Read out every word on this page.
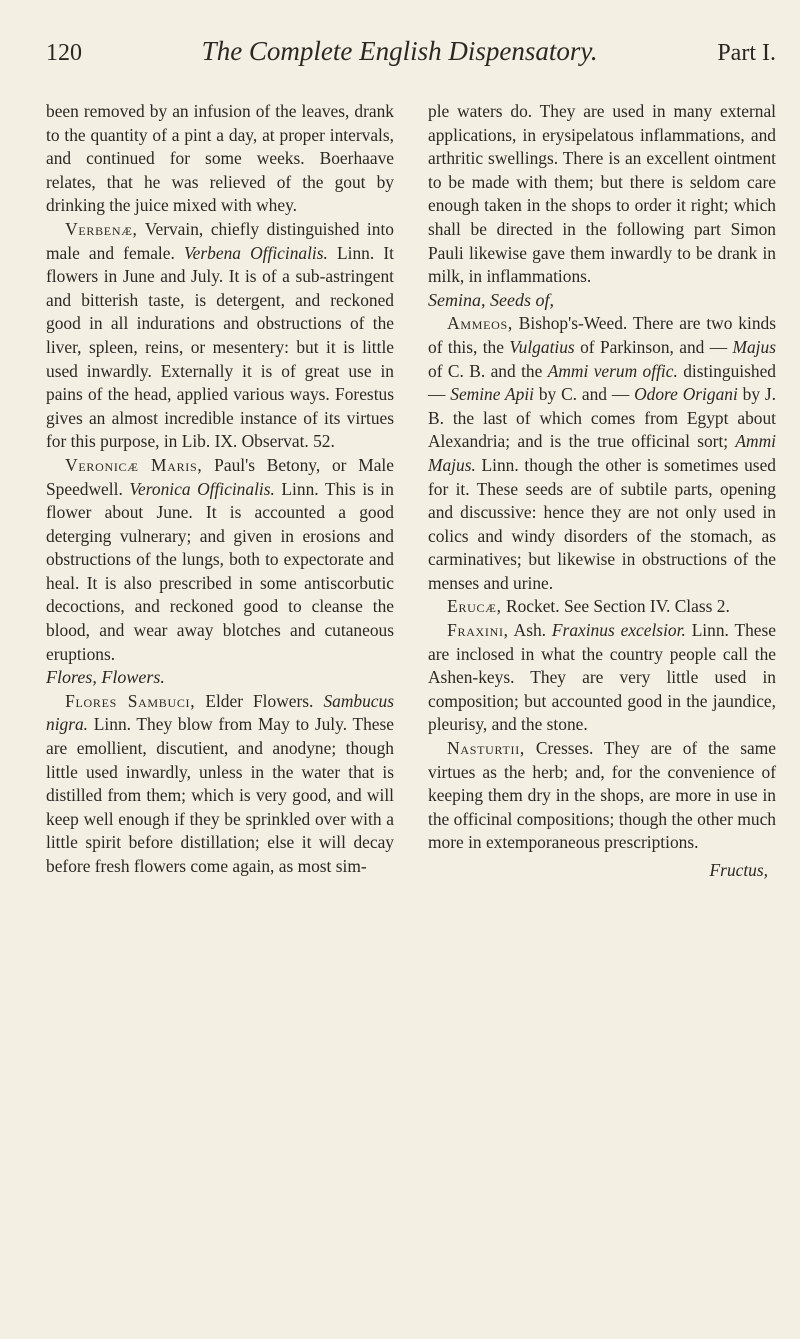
120	The Complete English Dispensatory.	Part I.

been removed by an infusion of the leaves, drank to the quantity of a pint a day, at proper intervals, and continued for some weeks. Boerhaave relates, that he was relieved of the gout by drinking the juice mixed with whey.

Verbenæ, Vervain, chiefly distinguished into male and female. Verbena Officinalis. Linn. It flowers in June and July. It is of a sub-astringent and bitterish taste, is detergent, and reckoned good in all indurations and obstructions of the liver, spleen, reins, or mesentery: but it is little used inwardly. Externally it is of great use in pains of the head, applied various ways. Forestus gives an almost incredible instance of its virtues for this purpose, in Lib. IX. Observat. 52.

Veronicæ Maris, Paul's Betony, or Male Speedwell. Veronica Officinalis. Linn. This is in flower about June. It is accounted a good deterging vulnerary; and given in erosions and obstructions of the lungs, both to expectorate and heal. It is also prescribed in some antiscorbutic decoctions, and reckoned good to cleanse the blood, and wear away blotches and cutaneous eruptions.

Flores, Flowers.

Flores Sambuci, Elder Flowers. Sambucus nigra. Linn. They blow from May to July. These are emollient, discutient, and anodyne; though little used inwardly, unless in the water that is distilled from them; which is very good, and will keep well enough if they be sprinkled over with a little spirit before distillation; else it will decay before fresh flowers come again, as most sim-

ple waters do. They are used in many external applications, in erysipelatous inflammations, and arthritic swellings. There is an excellent ointment to be made with them; but there is seldom care enough taken in the shops to order it right; which shall be directed in the following part Simon Pauli likewise gave them inwardly to be drank in milk, in inflammations.

Semina, Seeds of,

Ammeos, Bishop's-Weed. There are two kinds of this, the Vulgatius of Parkinson, and — Majus of C. B. and the Ammi verum offic. distinguished — Semine Apii by C. and — Odore Origani by J. B. the last of which comes from Egypt about Alexandria; and is the true officinal sort; Ammi Majus. Linn. though the other is sometimes used for it. These seeds are of subtile parts, opening and discussive: hence they are not only used in colics and windy disorders of the stomach, as carminatives; but likewise in obstructions of the menses and urine.

Erucæ, Rocket. See Section IV. Class 2.

Fraxini, Ash. Fraxinus excelsior. Linn. These are inclosed in what the country people call the Ashen-keys. They are very little used in composition; but accounted good in the jaundice, pleurisy, and the stone.

Nasturtii, Cresses. They are of the same virtues as the herb; and, for the convenience of keeping them dry in the shops, are more in use in the officinal compositions; though the other much more in extemporaneous prescriptions.

Fructus,
